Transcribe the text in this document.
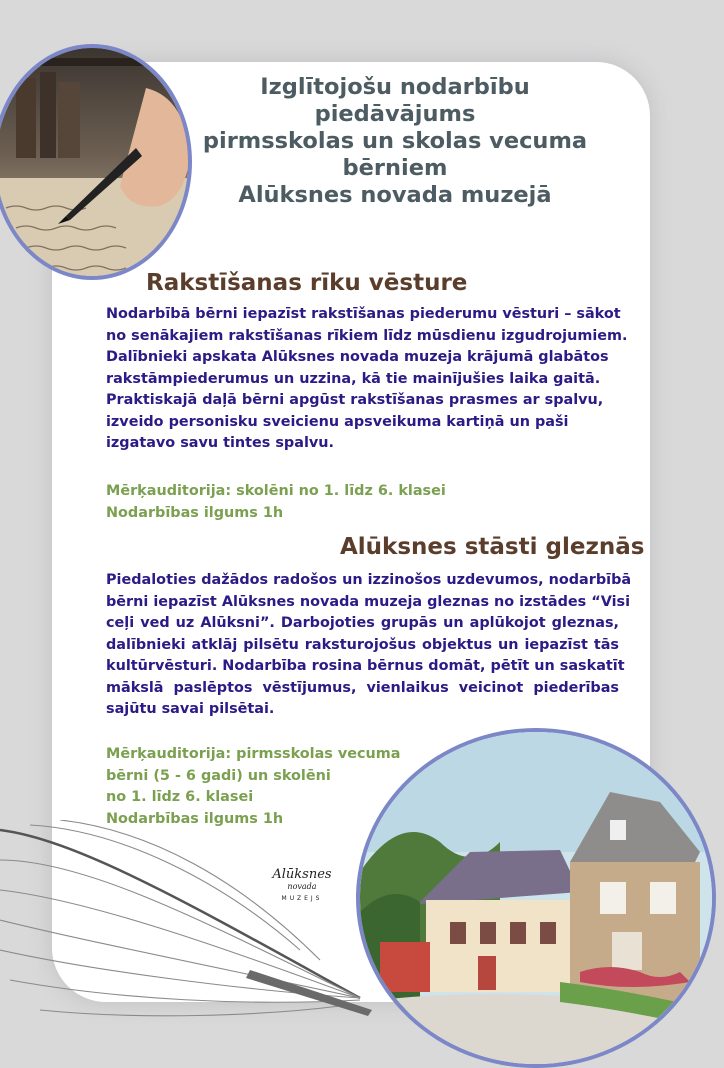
Izglītojošu nodarbību
piedāvājums
pirmsskolas un skolas vecuma
bērniem
Alūksnes novada muzejā
Rakstīšanas rīku vēsture
Nodarbībā bērni iepazīst rakstīšanas piederumu vēsturi – sākot
no senākajiem rakstīšanas rīkiem līdz mūsdienu izgudrojumiem.
Dalībnieki apskata Alūksnes novada muzeja krājumā glabātos
rakstāmpiederumus un uzzina, kā tie mainījušies laika gaitā.
Praktiskajā daļā bērni apgūst rakstīšanas prasmes ar spalvu,
izveido personisku sveicienu apsveikuma kartiņā un paši
izgatavo savu tintes spalvu.
Mērķauditorija: skolēni no 1. līdz 6. klasei
Nodarbības ilgums 1h
Alūksnes stāsti gleznās
Piedaloties dažādos radošos un izzinošos uzdevumos, nodarbībā
bērni iepazīst Alūksnes novada muzeja gleznas no izstādes “Visi
ceļi ved uz Alūksni”. Darbojoties grupās un aplūkojot gleznas,
dalībnieki atklāj pilsētu raksturojošus objektus un iepazīst tās
kultūrvēsturi. Nodarbība rosina bērnus domāt, pētīt un saskatīt
mākslā paslēptos vēstījumus, vienlaikus veicinot piederības
sajūtu savai pilsētai.
Mērķauditorija: pirmsskolas vecuma
bērni (5 - 6 gadi) un skolēni
no 1. līdz 6. klasei
Nodarbības ilgums 1h
Alūksnes
novada
MUZEJS
